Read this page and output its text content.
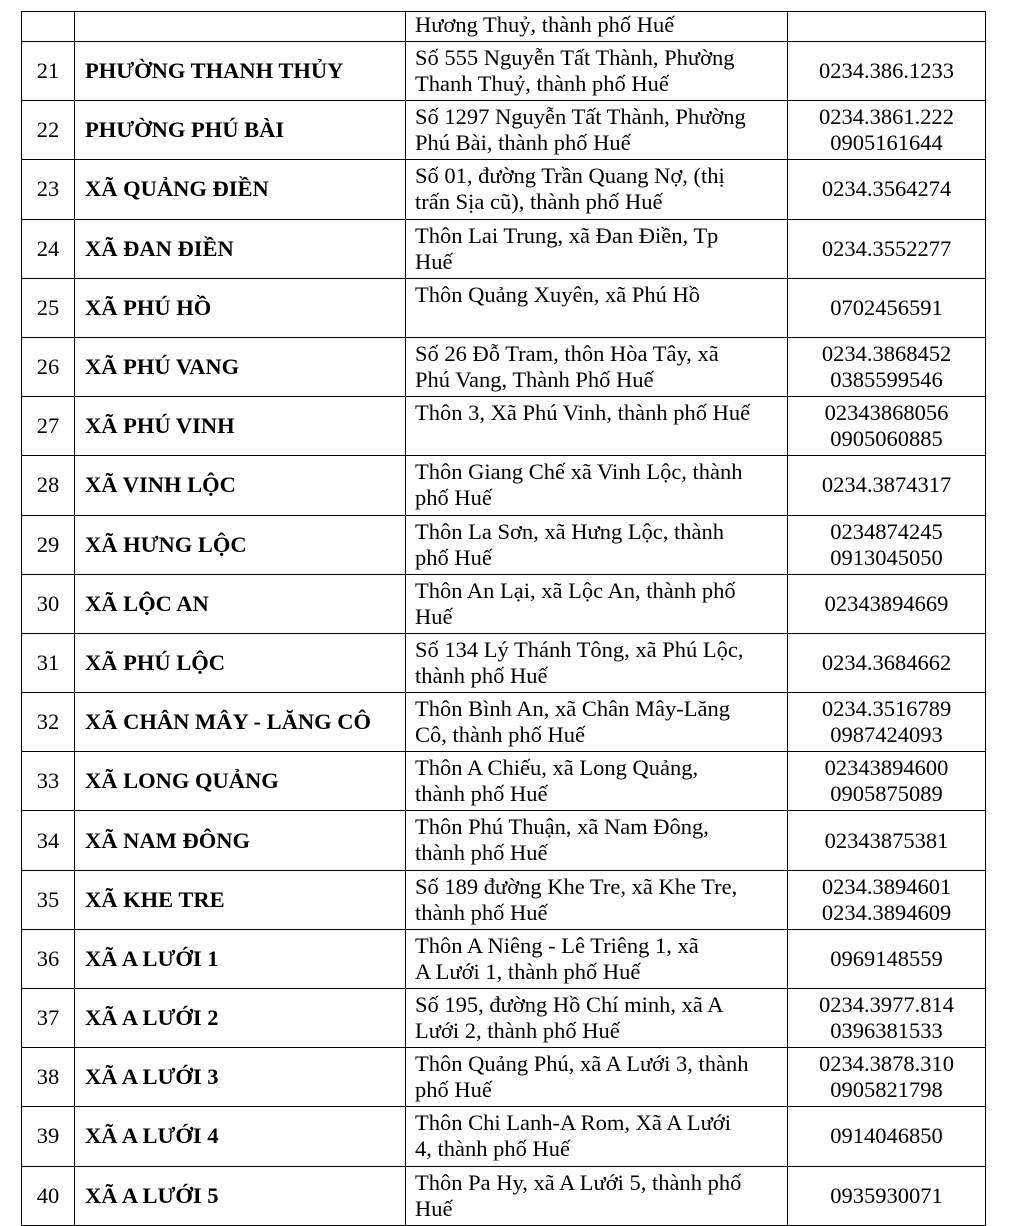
		Hương Thuỷ, thành phố Huế	

21	PHƯỜNG THANH THỦY	Số 555 Nguyễn Tất Thành, Phường
Thanh Thuỷ, thành phố Huế	0234.386.1233

22	PHƯỜNG PHÚ BÀI	Số 1297 Nguyễn Tất Thành, Phường
Phú Bài, thành phố Huế	0234.3861.222
0905161644

23	XÃ QUẢNG ĐIỀN	Số 01, đường Trần Quang Nợ, (thị
trấn Sịa cũ), thành phố Huế	0234.3564274

24	XÃ ĐAN ĐIỀN	Thôn Lai Trung, xã Đan Điền, Tp
Huế	0234.3552277

25	XÃ PHÚ HỒ	Thôn Quảng Xuyên, xã Phú Hồ	0702456591

26	XÃ PHÚ VANG	Số 26 Đỗ Tram, thôn Hòa Tây, xã
Phú Vang, Thành Phố Huế	0234.3868452
0385599546

27	XÃ PHÚ VINH	Thôn 3, Xã Phú Vinh, thành phố Huế	02343868056
0905060885

28	XÃ VINH LỘC	Thôn Giang Chế xã Vinh Lộc, thành
phố Huế	0234.3874317

29	XÃ HƯNG LỘC	Thôn La Sơn, xã Hưng Lộc, thành
phố Huế	0234874245
0913045050

30	XÃ LỘC AN	Thôn An Lại, xã Lộc An, thành phố
Huế	02343894669

31	XÃ PHÚ LỘC	Số 134 Lý Thánh Tông, xã Phú Lộc,
thành phố Huế	0234.3684662

32	XÃ CHÂN MÂY - LĂNG CÔ	Thôn Bình An, xã Chân Mây-Lăng
Cô, thành phố Huế	0234.3516789
0987424093

33	XÃ LONG QUẢNG	Thôn A Chiếu, xã Long Quảng,
thành phố Huế	02343894600
0905875089

34	XÃ NAM ĐÔNG	Thôn Phú Thuận, xã Nam Đông,
thành phố Huế	02343875381

35	XÃ KHE TRE	Số 189 đường Khe Tre, xã Khe Tre,
thành phố Huế	0234.3894601
0234.3894609

36	XÃ A LƯỚI 1	Thôn A Niêng - Lê Triêng 1, xã
A Lưới 1, thành phố Huế	0969148559

37	XÃ A LƯỚI 2	Số 195, đường Hồ Chí minh, xã A
Lưới 2, thành phố Huế	0234.3977.814
0396381533

38	XÃ A LƯỚI 3	Thôn Quảng Phú, xã A Lưới 3, thành
phố Huế	0234.3878.310
0905821798

39	XÃ A LƯỚI 4	Thôn Chi Lanh-A Rom, Xã A Lưới
4, thành phố Huế	0914046850

40	XÃ A LƯỚI 5	Thôn Pa Hy, xã A Lưới 5, thành phố
Huế	0935930071
